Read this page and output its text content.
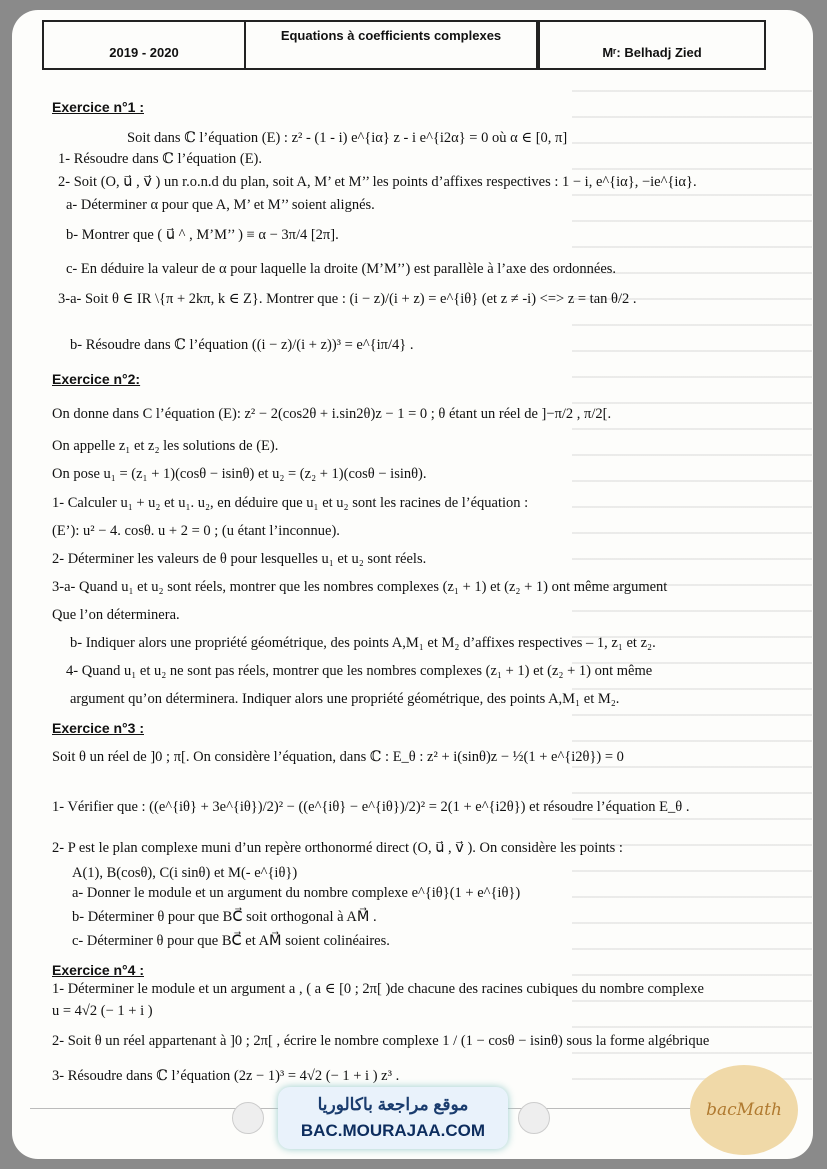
2019 - 2020
Equations à coefficients complexes
Mʳ: Belhadj Zied
Exercice n°1 :
Soit dans ℂ l’équation (E) : z² - (1 - i) e^{iα} z - i e^{i2α} = 0 où α ∈ [0, π]
1- Résoudre dans ℂ l’équation (E).
2- Soit (O, u⃗ , v⃗ ) un r.o.n.d du plan, soit A, M’ et M’’ les points d’affixes respectives : 1 − i, e^{iα}, −ie^{iα}.
a- Déterminer α pour que A, M’ et M’’ soient alignés.
b- Montrer que ( u⃗ ^ , M’M’’ ) ≡ α − 3π/4 [2π].
c- En déduire la valeur de α pour laquelle la droite (M’M’’) est parallèle à l’axe des ordonnées.
3-a- Soit θ ∈ IR \{π + 2kπ, k ∈ Z}. Montrer que : (i − z)/(i + z) = e^{iθ} (et z ≠ -i) <=> z = tan θ/2 .
b- Résoudre dans ℂ l’équation ((i − z)/(i + z))³ = e^{iπ/4} .
Exercice n°2:
On donne dans C l’équation (E): z² − 2(cos2θ + i.sin2θ)z − 1 = 0 ; θ étant un réel de ]−π/2 , π/2[.
On appelle z₁ et z₂ les solutions de (E).
On pose u₁ = (z₁ + 1)(cosθ − isinθ) et u₂ = (z₂ + 1)(cosθ − isinθ).
1- Calculer u₁ + u₂ et u₁. u₂, en déduire que u₁ et u₂ sont les racines de l’équation :
(E’): u² − 4. cosθ. u + 2 = 0 ; (u étant l’inconnue).
2- Déterminer les valeurs de θ pour lesquelles u₁ et u₂ sont réels.
3-a- Quand u₁ et u₂ sont réels, montrer que les nombres complexes (z₁ + 1) et (z₂ + 1) ont même argument
Que l’on déterminera.
b- Indiquer alors une propriété géométrique, des points A,M₁ et M₂ d’affixes respectives – 1, z₁ et z₂.
4- Quand u₁ et u₂ ne sont pas réels, montrer que les nombres complexes (z₁ + 1) et (z₂ + 1) ont même
argument qu’on déterminera. Indiquer alors une propriété géométrique, des points A,M₁ et M₂.
Exercice n°3 :
Soit θ un réel de ]0 ; π[. On considère l’équation, dans ℂ : E_θ : z² + i(sinθ)z − ½(1 + e^{i2θ}) = 0
1- Vérifier que : ((e^{iθ} + 3e^{iθ})/2)² − ((e^{iθ} − e^{iθ})/2)² = 2(1 + e^{i2θ}) et résoudre l’équation E_θ .
2- P est le plan complexe muni d’un repère orthonormé direct (O, u⃗ , v⃗ ). On considère les points :
A(1), B(cosθ), C(i sinθ) et M(- e^{iθ})
a- Donner le module et un argument du nombre complexe e^{iθ}(1 + e^{iθ})
b- Déterminer θ pour que BC⃗ soit orthogonal à AM⃗ .
c- Déterminer θ pour que BC⃗ et AM⃗ soient colinéaires.
Exercice n°4 :
1- Déterminer le module et un argument a , ( a ∈ [0 ; 2π[ )de chacune des racines cubiques du nombre complexe
u = 4√2 (− 1 + i )
2- Soit θ un réel appartenant à ]0 ; 2π[ , écrire le nombre complexe 1 / (1 − cosθ − isinθ) sous la forme algébrique
3- Résoudre dans ℂ l’équation (2z − 1)³ = 4√2 (− 1 + i ) z³ .
موقع مراجعة باكالوريا
BAC.MOURAJAA.COM
bacMath
